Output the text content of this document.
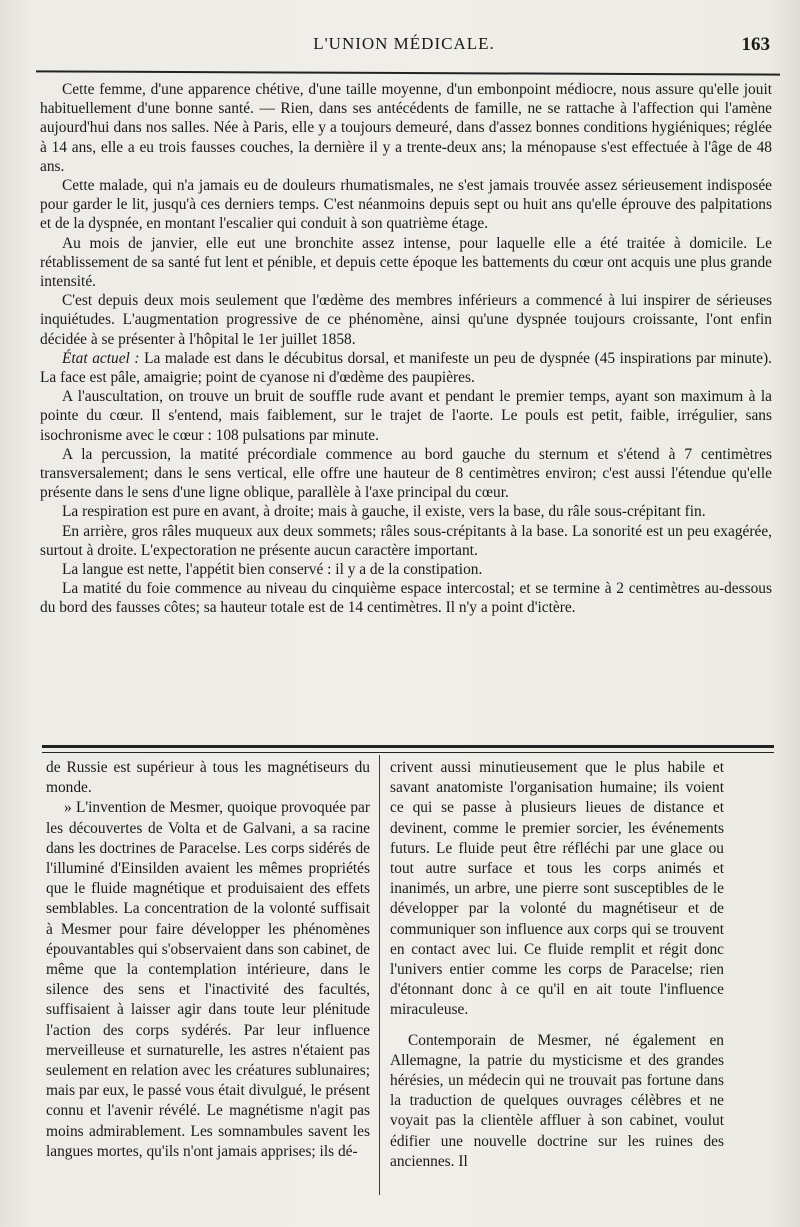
L'UNION MÉDICALE.	163

Cette femme, d'une apparence chétive, d'une taille moyenne, d'un embonpoint médiocre, nous assure qu'elle jouit habituellement d'une bonne santé. — Rien, dans ses antécédents de famille, ne se rattache à l'affection qui l'amène aujourd'hui dans nos salles. Née à Paris, elle y a toujours demeuré, dans d'assez bonnes conditions hygiéniques; réglée à 14 ans, elle a eu trois fausses couches, la dernière il y a trente-deux ans; la ménopause s'est effectuée à l'âge de 48 ans.

Cette malade, qui n'a jamais eu de douleurs rhumatismales, ne s'est jamais trouvée assez sérieusement indisposée pour garder le lit, jusqu'à ces derniers temps. C'est néanmoins depuis sept ou huit ans qu'elle éprouve des palpitations et de la dyspnée, en montant l'escalier qui conduit à son quatrième étage.

Au mois de janvier, elle eut une bronchite assez intense, pour laquelle elle a été traitée à domicile. Le rétablissement de sa santé fut lent et pénible, et depuis cette époque les battements du cœur ont acquis une plus grande intensité.

C'est depuis deux mois seulement que l'œdème des membres inférieurs a commencé à lui inspirer de sérieuses inquiétudes. L'augmentation progressive de ce phénomène, ainsi qu'une dyspnée toujours croissante, l'ont enfin décidée à se présenter à l'hôpital le 1er juillet 1858.

État actuel : La malade est dans le décubitus dorsal, et manifeste un peu de dyspnée (45 inspirations par minute). La face est pâle, amaigrie; point de cyanose ni d'œdème des paupières.

A l'auscultation, on trouve un bruit de souffle rude avant et pendant le premier temps, ayant son maximum à la pointe du cœur. Il s'entend, mais faiblement, sur le trajet de l'aorte. Le pouls est petit, faible, irrégulier, sans isochronisme avec le cœur : 108 pulsations par minute.

A la percussion, la matité précordiale commence au bord gauche du sternum et s'étend à 7 centimètres transversalement; dans le sens vertical, elle offre une hauteur de 8 centimètres environ; c'est aussi l'étendue qu'elle présente dans le sens d'une ligne oblique, parallèle à l'axe principal du cœur.

La respiration est pure en avant, à droite; mais à gauche, il existe, vers la base, du râle sous-crépitant fin.

En arrière, gros râles muqueux aux deux sommets; râles sous-crépitants à la base. La sonorité est un peu exagérée, surtout à droite. L'expectoration ne présente aucun caractère important.

La langue est nette, l'appétit bien conservé : il y a de la constipation.

La matité du foie commence au niveau du cinquième espace intercostal; et se termine à 2 centimètres au-dessous du bord des fausses côtes; sa hauteur totale est de 14 centimètres. Il n'y a point d'ictère.

de Russie est supérieur à tous les magnétiseurs du monde.

» L'invention de Mesmer, quoique provoquée par les découvertes de Volta et de Galvani, a sa racine dans les doctrines de Paracelse. Les corps sidérés de l'illuminé d'Einsilden avaient les mêmes propriétés que le fluide magnétique et produisaient des effets semblables. La concentration de la volonté suffisait à Mesmer pour faire développer les phénomènes épouvantables qui s'observaient dans son cabinet, de même que la contemplation intérieure, dans le silence des sens et l'inactivité des facultés, suffisaient à laisser agir dans toute leur plénitude l'action des corps sydérés. Par leur influence merveilleuse et surnaturelle, les astres n'étaient pas seulement en relation avec les créatures sublunaires; mais par eux, le passé vous était divulgué, le présent connu et l'avenir révélé. Le magnétisme n'agit pas moins admirablement. Les somnambules savent les langues mortes, qu'ils n'ont jamais apprises; ils dé-

crivent aussi minutieusement que le plus habile et savant anatomiste l'organisation humaine; ils voient ce qui se passe à plusieurs lieues de distance et devinent, comme le premier sorcier, les événements futurs. Le fluide peut être réfléchi par une glace ou tout autre surface et tous les corps animés et inanimés, un arbre, une pierre sont susceptibles de le développer par la volonté du magnétiseur et de communiquer son influence aux corps qui se trouvent en contact avec lui. Ce fluide remplit et régit donc l'univers entier comme les corps de Paracelse; rien d'étonnant donc à ce qu'il en ait toute l'influence miraculeuse.

Contemporain de Mesmer, né également en Allemagne, la patrie du mysticisme et des grandes hérésies, un médecin qui ne trouvait pas fortune dans la traduction de quelques ouvrages célèbres et ne voyait pas la clientèle affluer à son cabinet, voulut édifier une nouvelle doctrine sur les ruines des anciennes. Il
